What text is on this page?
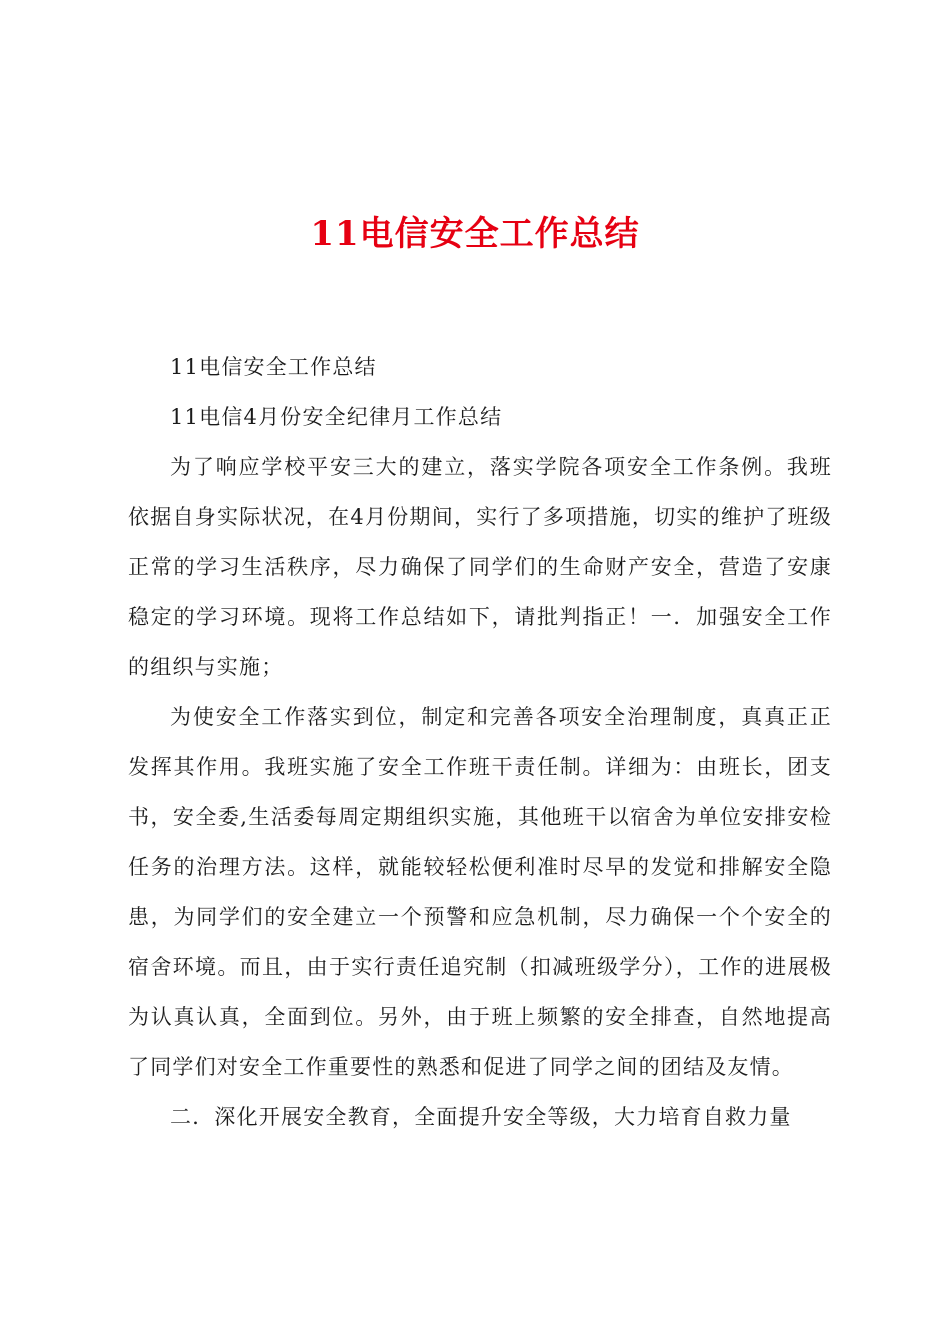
11电信安全工作总结

11电信安全工作总结

11电信4月份安全纪律月工作总结

为了响应学校平安三大的建立，落实学院各项安全工作条例。我班依据自身实际状况，在4月份期间，实行了多项措施，切实的维护了班级正常的学习生活秩序，尽力确保了同学们的生命财产安全，营造了安康稳定的学习环境。现将工作总结如下，请批判指正！一．加强安全工作的组织与实施；

为使安全工作落实到位，制定和完善各项安全治理制度，真真正正发挥其作用。我班实施了安全工作班干责任制。详细为：由班长，团支书，安全委,生活委每周定期组织实施，其他班干以宿舍为单位安排安检任务的治理方法。这样，就能较轻松便利准时尽早的发觉和排解安全隐患，为同学们的安全建立一个预警和应急机制，尽力确保一个个安全的宿舍环境。而且，由于实行责任追究制（扣减班级学分），工作的进展极为认真认真，全面到位。另外，由于班上频繁的安全排查，自然地提高了同学们对安全工作重要性的熟悉和促进了同学之间的团结及友情。

二．深化开展安全教育，全面提升安全等级，大力培育自救力量
